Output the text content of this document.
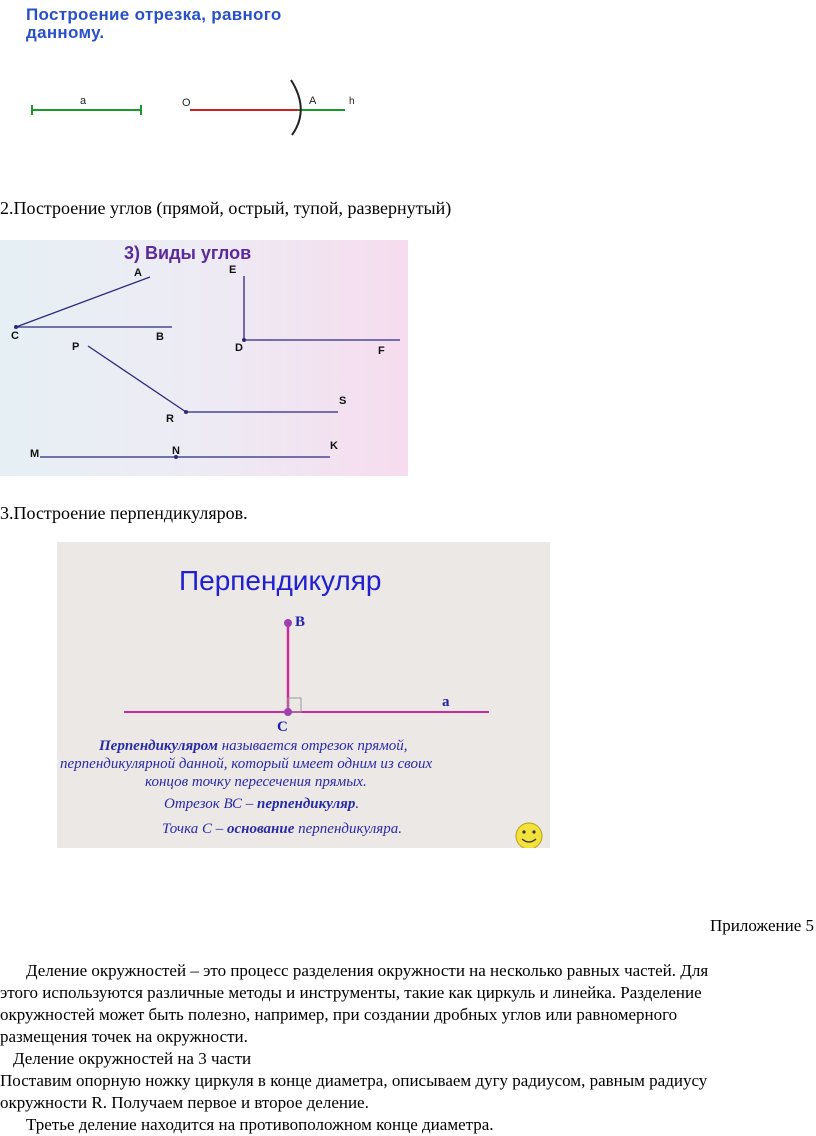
Построение отрезка, равного
данному.
a	O	A	h
2.Построение углов (прямой, острый, тупой, развернутый)
3) Виды углов
A
C	B
E
D	F
P
R
S
M	N	K
3.Построение перпендикуляров.
Перпендикуляр
B
C
a
Перпендикуляром называется отрезок прямой,
перпендикулярной данной, который имеет одним из своих
концов точку пересечения прямых.
Отрезок ВС – перпендикуляр.
Точка С – основание перпендикуляра.
Приложение 5
Деление окружностей – это процесс разделения окружности на несколько равных частей. Для
этого используются различные методы и инструменты, такие как циркуль и линейка. Разделение
окружностей может быть полезно, например, при создании дробных углов или равномерного
размещения точек на окружности.
Деление окружностей на 3 части
Поставим опорную ножку циркуля в конце диаметра, описываем дугу радиусом, равным радиусу
окружности R. Получаем первое и второе деление.
Третье деление находится на противоположном конце диаметра.
